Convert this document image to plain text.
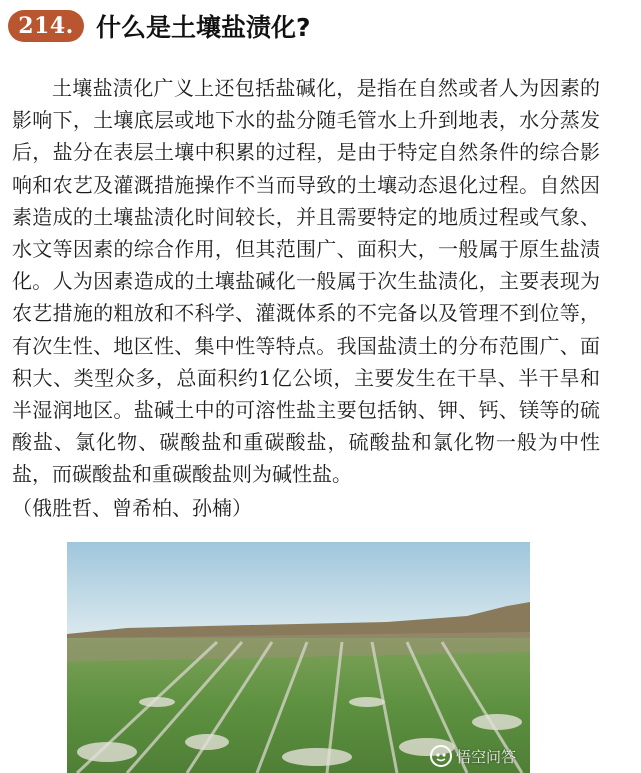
214. 什么是土壤盐渍化?

土壤盐渍化广义上还包括盐碱化，是指在自然或者人为因素的影响下，土壤底层或地下水的盐分随毛管水上升到地表，水分蒸发后，盐分在表层土壤中积累的过程，是由于特定自然条件的综合影响和农艺及灌溉措施操作不当而导致的土壤动态退化过程。自然因素造成的土壤盐渍化时间较长，并且需要特定的地质过程或气象、水文等因素的综合作用，但其范围广、面积大，一般属于原生盐渍化。人为因素造成的土壤盐碱化一般属于次生盐渍化，主要表现为农艺措施的粗放和不科学、灌溉体系的不完备以及管理不到位等，有次生性、地区性、集中性等特点。我国盐渍土的分布范围广、面积大、类型众多，总面积约1亿公顷，主要发生在干旱、半干旱和半湿润地区。盐碱土中的可溶性盐主要包括钠、钾、钙、镁等的硫酸盐、氯化物、碳酸盐和重碳酸盐，硫酸盐和氯化物一般为中性盐，而碳酸盐和重碳酸盐则为碱性盐。

（俄胜哲、曾希柏、孙楠）
悟空问答
